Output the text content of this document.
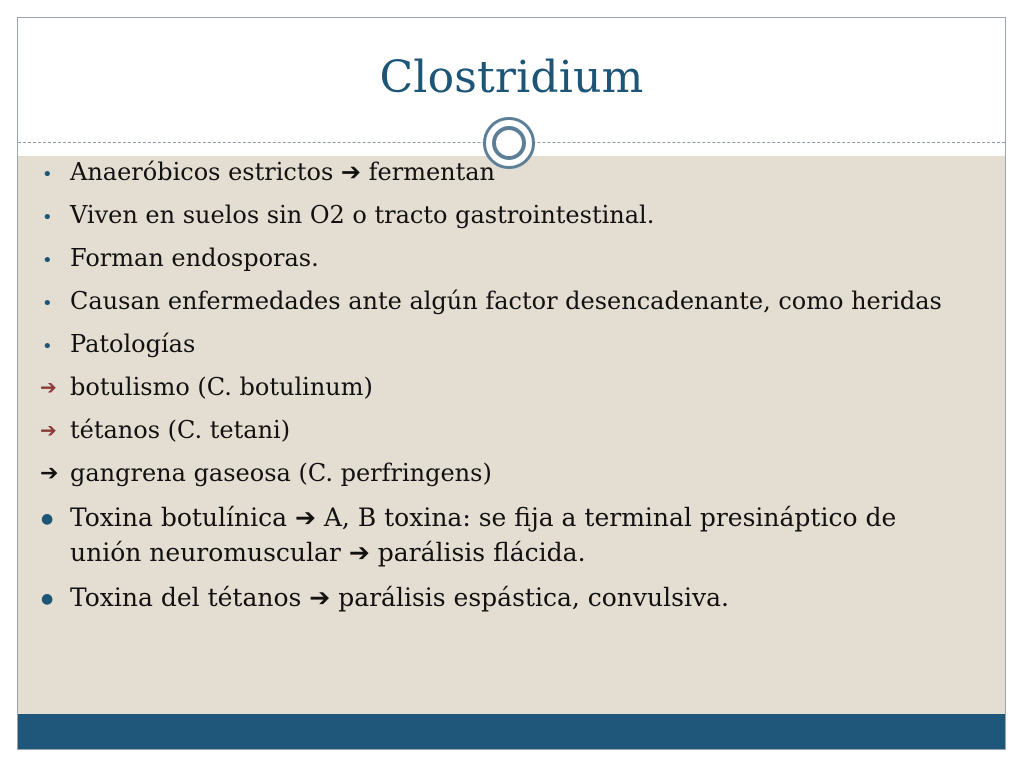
Clostridium
•
Anaeróbicos estrictos ➔ fermentan
•
Viven en suelos sin O2 o tracto gastrointestinal.
•
Forman endosporas.
•
Causan enfermedades ante algún factor desencadenante, como heridas
•
Patologías
➔ botulismo (C. botulinum)
➔ tétanos (C. tetani)
➔ gangrena gaseosa (C. perfringens)
●
Toxina botulínica ➔ A, B toxina: se fija a terminal presináptico de unión neuromuscular ➔ parálisis flácida.
●
Toxina del tétanos ➔ parálisis espástica, convulsiva.
